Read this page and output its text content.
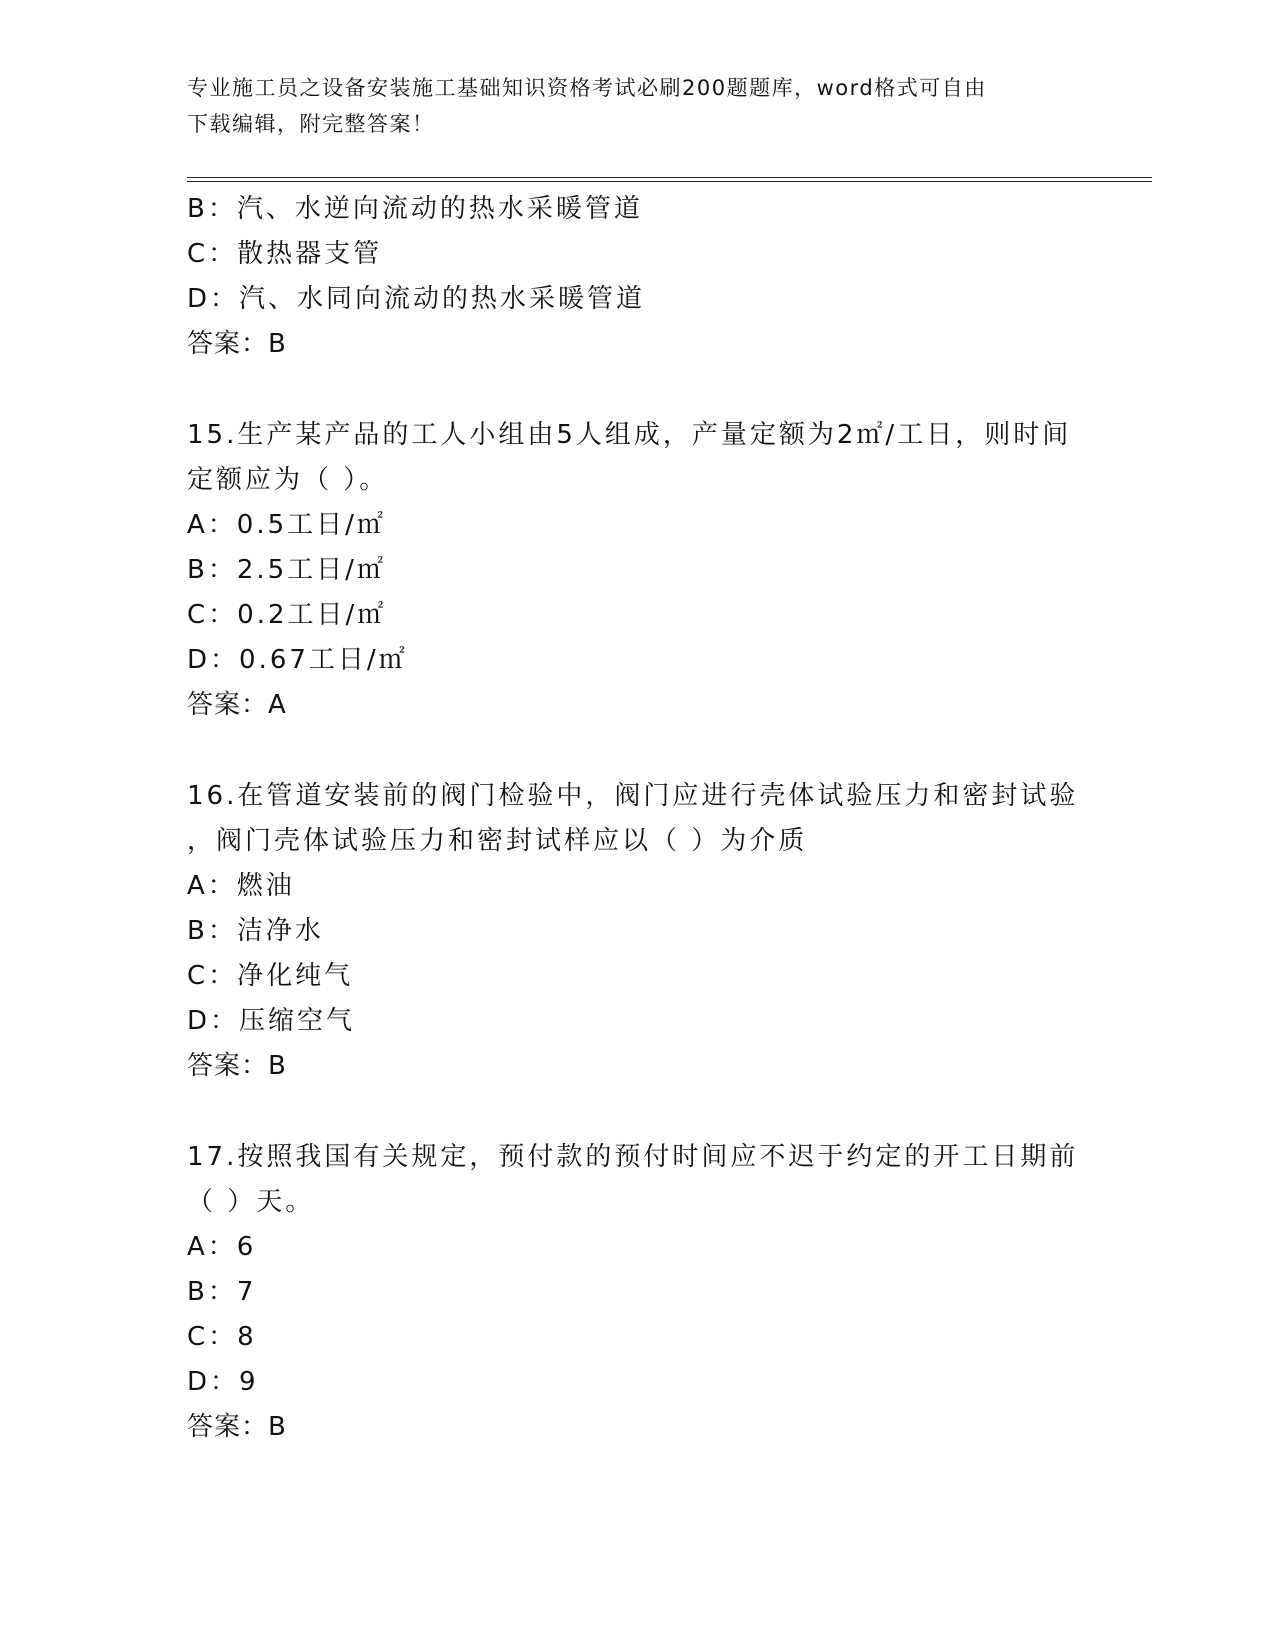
专业施工员之设备安装施工基础知识资格考试必刷200题题库，word格式可自由
下载编辑，附完整答案！
B：汽、水逆向流动的热水采暖管道
C：散热器支管
D：汽、水同向流动的热水采暖管道
答案：B
15.生产某产品的工人小组由5人组成，产量定额为2㎡/工日，则时间
定额应为（ ）。
A：0.5工日/㎡
B：2.5工日/㎡
C：0.2工日/㎡
D：0.67工日/㎡
答案：A
16.在管道安装前的阀门检验中，阀门应进行壳体试验压力和密封试验
，阀门壳体试验压力和密封试样应以（ ）为介质
A：燃油
B：洁净水
C：净化纯气
D：压缩空气
答案：B
17.按照我国有关规定，预付款的预付时间应不迟于约定的开工日期前
（ ）天。
A：6
B：7
C：8
D：9
答案：B
